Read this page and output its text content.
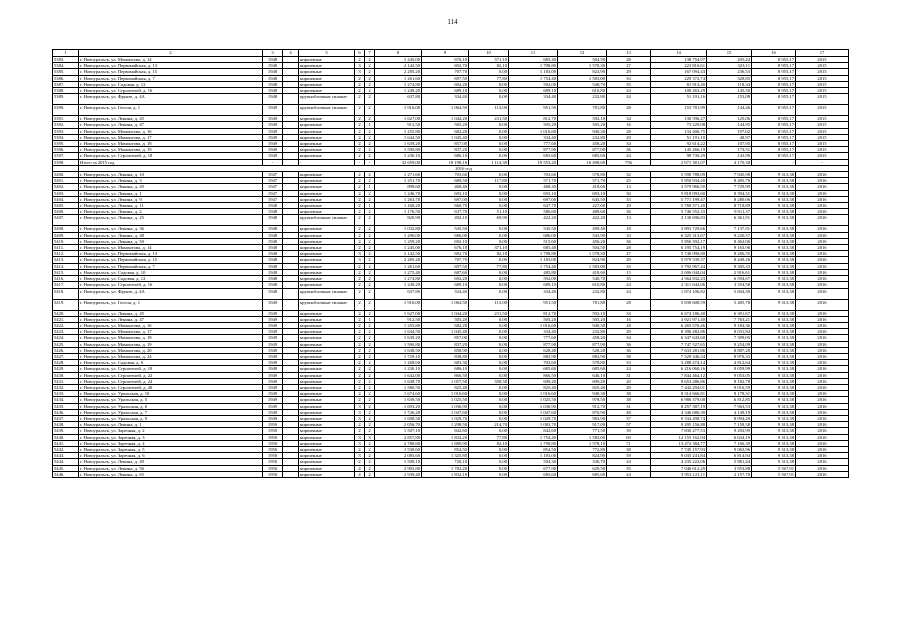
114
1	2	3	4	5	6	7	8	9	10	11	12	13	14	15	16	17
5383.	г. Новоуральск, ул. Мамонтова, д. 14	1948		кирпичные	2	2	1 245,00	676,10	371,10	685,40	504,50	28	138 754,97	205,24	8 955,17	2015
5384.	г. Новоуральск, ул. Первомайская, д. 13	1948		кирпичные	3	2	2 142,50	692,70	82,10	1 798,80	1 578,30	27	223 816,61	323,11	8 955,17	2015
5385.	г. Новоуральск, ул. Первомайская, д. 15	1948		кирпичные	3	2	2 285,20	707,70	0,00	1 183,00	824,90	29	167 094,43	236,53	8 955,17	2015
5386.	г. Новоуральск, ул. Первомайская, д. 7	1948		кирпичные	2	2	1 261,60	697,50	77,80	1 754,40	1 583,00	33	229 372,74	328,85	8 955,17	2015
5387.	г. Новоуральск, ул. Садовая, д. 12	1948		кирпичные	2	2	1 274,80	692,20	0,00	592,00	540,70	35	81 913,40	118,34	8 955,17	2015
5388.	г. Новоуральск, ул. Строителей, д. 16	1948		кирпичные	2	2	1 249,20	689,10	0,00	689,10	610,80	24	100 263,29	145,50	8 955,17	2015
5389.	г. Новоуральск, ул. Фрунзе, д. 4А	1948		крупноблочные силикат	2	2	637,80	334,40	0,00	334,40	232,80	24	51 191,16	153,08	8 955,17	2015
5390.	г. Новоуральск, ул. Гоголя, д. 1	1949		крупноблочные силикат	2	2	1 916,00	1 064,50	113,00	951,50	781,80	28	153 781,99	144,46	8 955,17	2015
5391.	г. Новоуральск, ул. Ленина, д. 45	1949		кирпичные	2	2	1 627,00	1 044,20	231,50	812,70	592,10	34	130 596,27	125,06	8 955,17	2015
5392.	г. Новоуральск, ул. Ленина, д. 47	1949		кирпичные	2	1	912,50	505,20	0,00	505,20	505,20	16	73 229,08	144,95	8 955,17	2015
5393.	г. Новоуральск, ул. Мамонтова, д. 16	1949		кирпичные	2	2	1 255,80	682,20	0,00	1 016,60	940,30	28	134 406,75	197,02	8 955,17	2015
5394.	г. Новоуральск, ул. Мамонтова, д. 17	1949		кирпичные	2	2	1 644,50	1 045,40	0,00	334,40	232,80	29	51 191,10	48,97	8 955,17	2015
5395.	г. Новоуральск, ул. Мамонтова, д. 18	1949		кирпичные	2	2	1 639,20	857,00	0,00	777,60	458,20	34	92 614,22	107,95	8 955,17	2015
5396.	г. Новоуральск, ул. Мамонтова, д. 19	1949		кирпичные	2	2	1 590,80	837,20	0,00	877,90	877,90	36	145 266,19	173,51	8 955,17	2015
5397.	г. Новоуральск, ул. Строителей, д. 18	1949		кирпичные	2	2	1 230,10	686,10	0,00	685,60	685,60	24	98 730,29	143,90	8 955,17	2015
5398.	Итого за 2015 год	-		-	-	-	32 659,00	18 198,10	1 114,30	19 553,20	16 498,60	756	2 671 381,07	4 170,30	-	-
	2016 год															
5400.	г. Новоуральск, ул. Ленина, д. 10	1947		кирпичные	2	2	1 271,60	703,60	0,00	703,60	578,80	32	5 590 788,09	7 945,98	9 313,38	2016
5401.	г. Новоуральск, ул. Ленина, д. 3	1947		кирпичные	2	2	1 251,70	689,50	117,80	571,70	571,70	25	5 850 934,20	8 485,78	9 313,38	2016
5402.	г. Новоуральск, ул. Ленина, д. 20	1947		кирпичные	2	1	898,60	468,40	0,00	468,40	418,60	13	3 579 966,50	7 729,99	9 313,38	2016
5403.	г. Новоуральск, ул. Ленина, д. 1	1947		кирпичные	2	2	1 246,70	693,10	0,00	693,10	693,10	30	5 818 093,60	8 394,31	9 313,38	2016
5404.	г. Новоуральск, ул. Ленина, д. 9	1947		кирпичные	2	2	1 263,70	697,00	0,00	697,00	645,50	33	5 771 199,47	8 280,06	9 313,38	2016
5405.	г. Новоуральск, ул. Ленина, д. 11	1948		кирпичные	2	1	1 160,20	660,70	0,00	647,70	227,60	29	5 760 571,20	8 718,89	9 313,38	2016
5406.	г. Новоуральск, ул. Ленина, д. 2	1948		кирпичные	2	2	1 176,50	637,70	51,10	586,60	489,60	36	5 746 552,33	9 011,37	9 313,38	2016
5407.	г. Новоуральск, ул. Ленина, д. 25	1948		крупноблочные силикат	2	2	820,90	492,10	69,90	422,20	422,20	13	3 130 696,83	6 361,91	9 313,38	2016
5408.	г. Новоуральск, ул. Ленина, д. 36	1948		кирпичные	2	2	1 032,80	545,50	0,00	545,50	499,40	18	3 893 729,66	7 137,91	9 313,38	2016
5409.	г. Новоуральск, ул. Ленина, д. 48	1948		кирпичные	2	2	1 296,00	686,00	0,00	686,00	543,90	33	6 325 313,67	9 220,57	9 313,38	2016
5410.	г. Новоуральск, ул. Ленина, д. 50	1948		кирпичные	2	2	1 259,20	692,10	0,00	515,60	456,20	36	5 856 592,17	8 462,06	9 313,38	2016
5411.	г. Новоуральск, ул. Мамонтова, д. 14	1948		кирпичные	2	2	1 245,00	676,10	371,10	685,40	504,50	28	6 195 754,19	9 163,96	9 313,38	2016
5412.	г. Новоуральск, ул. Первомайская, д. 13	1948		кирпичные	3	2	2 142,50	692,70	82,10	1 798,80	1 578,30	27	5 740 090,80	8 286,55	9 313,38	2016
5413.	г. Новоуральск, ул. Первомайская, д. 15	1948		кирпичные	3	2	2 285,20	707,70	0,00	1 183,00	824,90	29	5 979 539,37	8 449,26	9 313,38	2016
5414.	г. Новоуральск, ул. Первомайская, д. 7	1948		кирпичные	2	2	1 261,60	697,50	77,80	1 754,40	1 583,00	33	5 792 967,44	8 305,33	9 313,38	2016
5415.	г. Новоуральск, ул. Садовая, д. 10	1948		кирпичные	2	2	1 275,40	687,60	0,00	485,80	418,60	15	2 006 044,04	2 916,61	9 313,38	2016
5416.	г. Новоуральск, ул. Садовая, д. 12	1948		кирпичные	2	2	1 274,80	692,20	0,00	592,00	540,70	35	4 564 832,23	6 594,67	9 313,38	2016
5417.	г. Новоуральск, ул. Строителей, д. 16	1948		кирпичные	2	2	1 249,20	689,10	0,00	689,10	610,80	24	2 311 642,06	3 354,58	9 313,38	2016
5418.	г. Новоуральск, ул. Фрунзе, д. 4А	1948		крупноблочные силикат	2	2	637,80	334,40	0,00	334,40	232,80	24	1 874 106,82	5 604,39	9 313,38	2016
5419.	г. Новоуральск, ул. Гоголя, д. 1	1949		крупноблочные силикат	2	2	1 916,00	1 064,50	113,00	951,50	781,80	28	5 839 608,59	5 485,78	9 313,38	2016
5420.	г. Новоуральск, ул. Ленина, д. 45	1949		кирпичные	2	2	1 627,00	1 044,20	231,50	812,70	592,10	34	6 674 186,40	6 391,67	9 313,38	2016
5421.	г. Новоуральск, ул. Ленина, д. 47	1949		кирпичные	2	1	912,50	505,20	0,00	505,20	505,20	16	3 921 971,40	7 763,21	9 313,38	2016
5422.	г. Новоуральск, ул. Мамонтова, д. 16	1949		кирпичные	2	2	1 255,80	682,20	0,00	1 016,60	940,30	28	6 265 576,46	9 184,36	9 313,38	2016
5423.	г. Новоуральск, ул. Мамонтова, д. 17	1949		кирпичные	2	2	1 644,50	1 045,40	0,00	334,40	232,80	29	8 396 482,86	8 031,84	9 313,38	2016
5424.	г. Новоуральск, ул. Мамонтова, д. 18	1949		кирпичные	2	2	1 639,20	857,00	0,00	777,60	458,20	34	6 347 643,60	7 399,05	9 313,38	2016
5425.	г. Новоуральск, ул. Мамонтова, д. 19	1949		кирпичные	2	2	1 590,80	837,20	0,00	877,90	877,90	36	7 747 527,65	9 254,09	9 313,38	2016
5426.	г. Новоуральск, ул. Мамонтова, д. 20	1949		кирпичные	2	2	1 638,50	858,90	0,00	628,40	528,20	36	7 633 281,86	8 887,28	9 313,38	2016
5427.	г. Новоуральск, ул. Мамонтова, д. 24	1949		кирпичные	2	2	1 729,10	838,80	0,00	882,90	882,90	38	7 529 346,34	8 976,33	9 313,38	2016
5428.	г. Новоуральск, ул. Садовая, д. 6	1949		кирпичные	2	2	1 268,60	683,30	0,00	703,60	578,80	33	3 288 474,14	4 812,64	9 313,38	2016
5429.	г. Новоуральск, ул. Строителей, д. 18	1949		кирпичные	2	2	1 230,10	686,10	0,00	685,60	685,60	24	6 216 060,16	9 059,99	9 313,38	2016
5430.	г. Новоуральск, ул. Строителей, д. 22	1949		кирпичные	2	2	1 642,00	866,50	0,00	866,50	646,10	31	7 844 464,12	9 053,05	9 313,38	2016
5431.	г. Новоуральск, ул. Строителей, д. 24	1949		кирпичные	2	2	1 638,70	1 057,50	358,30	699,20	699,20	20	8 653 286,86	8 182,78	9 313,38	2016
5432.	г. Новоуральск, ул. Строителей, д. 26	1949		кирпичные	2	2	1 580,50	825,40	0,00	825,40	825,40	29	7 442 294,01	9 016,59	9 313,38	2016
5433.	г. Новоуральск, ул. Уральская, д. 10	1949		кирпичные	2	2	1 674,60	1 016,60	0,00	1 016,60	940,30	38	8 314 666,81	8 178,31	9 313,38	2016
5434.	г. Новоуральск, ул. Уральская, д. 5	1949		кирпичные	2	2	1 639,50	1 025,50	0,00	1 025,50	978,50	38	6 986 379,00	6 812,85	9 313,38	2016
5435.	г. Новоуральск, ул. Уральская, д. 6	1949		кирпичные	3	2	1 693,20	1 036,90	0,00	1 036,90	912,70	31	8 257 387,19	7 963,53	9 313,38	2016
5436.	г. Новоуральск, ул. Уральская, д. 7	1949		кирпичные	3	2	1 726,20	1 047,60	0,00	1 047,60	870,90	48	4 346 686,39	4 149,19	9 313,38	2016
5437.	г. Новоуральск, ул. Уральская, д. 9	1949		кирпичные	3	2	1 698,50	1 029,70	0,00	1 029,70	983,90	37	8 334 498,74	8 094,20	9 313,38	2016
5438.	г. Новоуральск, ул. Ленина, д. 1	1950		кирпичные	2	2	2 056,70	1 298,50	214,70	1 083,70	917,00	57	9 295 156,88	7 158,38	9 313,38	2016
5439.	г. Новоуральск, ул. Заречная, д. 2	1950		кирпичные	2	2	1 507,10	842,60	0,00	842,60	771,50	39	7 830 277,53	9 292,99	9 313,38	2016
5440.	г. Новоуральск, ул. Заречная, д. 3	1950		кирпичные	3	3	2 857,80	1 832,20	77,80	1 754,40	1 583,00	69	12 155 162,94	6 634,19	9 313,38	2016
5441.	г. Новоуральск, ул. Заречная, д. 4	1950		кирпичные	3	2	2 788,60	1 880,90	82,10	1 798,80	1 578,10	71	13 472 384,77	7 166,39	9 313,38	2016
5442.	г. Новоуральск, ул. Заречная, д. 5	1950		кирпичные	2	2	1 530,60	854,50	0,00	854,50	772,80	38	7 745 157,93	9 063,96	9 313,38	2016
5443.	г. Новоуральск, ул. Заречная, д. 6	1950		кирпичные	3	2	2 085,60	1 325,80	0,00	1 183,00	824,90	59	9 035 241,84	6 814,94	9 313,38	2016
5444.	г. Новоуральск, ул. Ленина, д. 49	1950		кирпичные	2	2	1 508,10	720,10	0,00	504,30	336,70	24	4 235 222,06	5 881,44	9 313,38	2016
5445.	г. Новоуральск, ул. Ленина, д. 56	1950		кирпичные	4	2	2 903,80	1 782,20	0,00	677,90	629,50	35	7 046 612,29	3 953,88	5 567,91	2016
5446.	г. Новоуральск, ул. Ленина, д. 65	1950		кирпичные	4	2	2 939,40	1 832,10	0,00	685,60	685,60	24	3 953 121,11	2 157,70	5 567,91	2016
